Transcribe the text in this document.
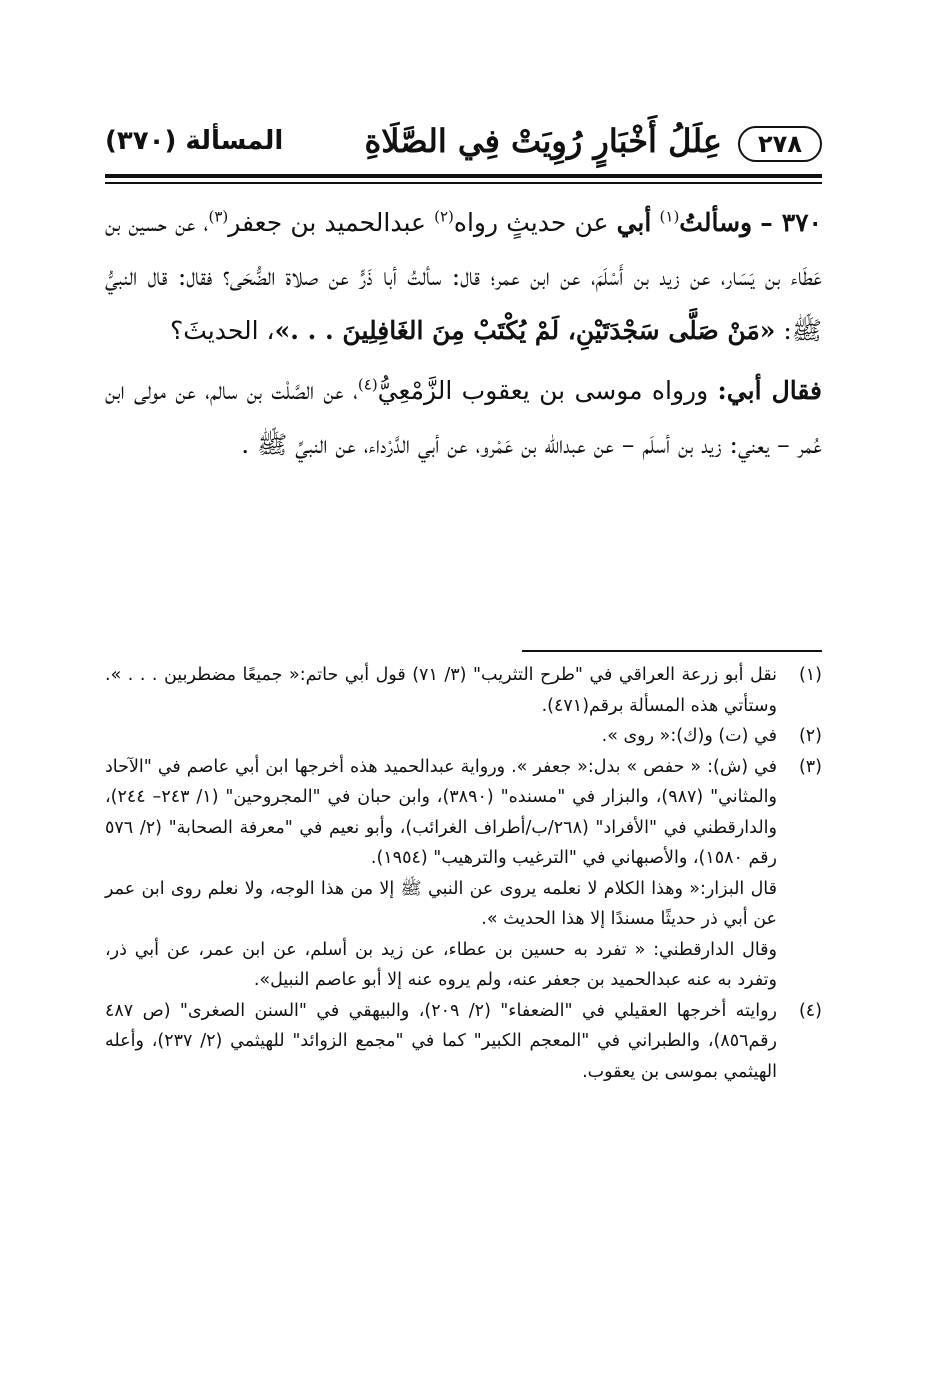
٢٧٨
عِلَلُ أَخْبَارٍ رُوِيَتْ فِي الصَّلَاةِ
المسألة (٣٧٠)

٣٧٠ – وسألتُ$^{(١)}$ أبي عن حديثٍ رواه$^{(٢)}$ عبدالحميد بن جعفر$^{(٣)}$، عن حسين بن عَطَاء بن يَسَار، عن زيد بن أَسْلَمَ، عن ابن عمر؛ قال: سألتُ أبا ذَرٍّ عن صلاة الضُّحَى؟ فقال: قال النبيُّ ﷺ: «مَنْ صَلَّى سَجْدَتَيْنِ، لَمْ يُكْتَبْ مِنَ الغَافِلِينَ . . .»، الحديثَ؟

فقال أبي: ورواه موسى بن يعقوب الزَّمْعِيُّ$^{(٤)}$، عن الصَّلْت بن سالم، عن مولى ابن عُمر – يعني: زيد بن أسلَم – عن عبدالله بن عَمْرو، عن أبي الدَّرْداء، عن النبيِّ ﷺ .

(١)
نقل أبو زرعة العراقي في "طرح التثريب" (٣/ ٧١) قول أبي حاتم:« جميعًا مضطربين . . . ». وستأتي هذه المسألة برقم(٤٧١).
(٢)
في (ت) و(ك):« روى ».
(٣)
في (ش): « حفص » بدل:« جعفر ». ورواية عبدالحميد هذه أخرجها ابن أبي عاصم في "الآحاد والمثاني" (٩٨٧)، والبزار في "مسنده" (٣٨٩٠)، وابن حبان في "المجروحين" (١/ ٢٤٣– ٢٤٤)، والدارقطني في "الأفراد" (٢٦٨/ب/أطراف الغرائب)، وأبو نعيم في "معرفة الصحابة" (٢/ ٥٧٦ رقم ١٥٨٠)، والأصبهاني في "الترغيب والترهيب" (١٩٥٤).

قال البزار:« وهذا الكلام لا نعلمه يروى عن النبي ﷺ إلا من هذا الوجه، ولا نعلم روى ابن عمر عن أبي ذر حديثًا مسندًا إلا هذا الحديث ».

وقال الدارقطني: « تفرد به حسين بن عطاء، عن زيد بن أسلم، عن ابن عمر، عن أبي ذر، وتفرد به عنه عبدالحميد بن جعفر عنه، ولم يروه عنه إلا أبو عاصم النبيل».

(٤)
روايته أخرجها العقيلي في "الضعفاء" (٢/ ٢٠٩)، والبيهقي في "السنن الصغرى" (ص ٤٨٧ رقم٨٥٦)، والطبراني في "المعجم الكبير" كما في "مجمع الزوائد" للهيثمي (٢/ ٢٣٧)، وأعله الهيثمي بموسى بن يعقوب.
